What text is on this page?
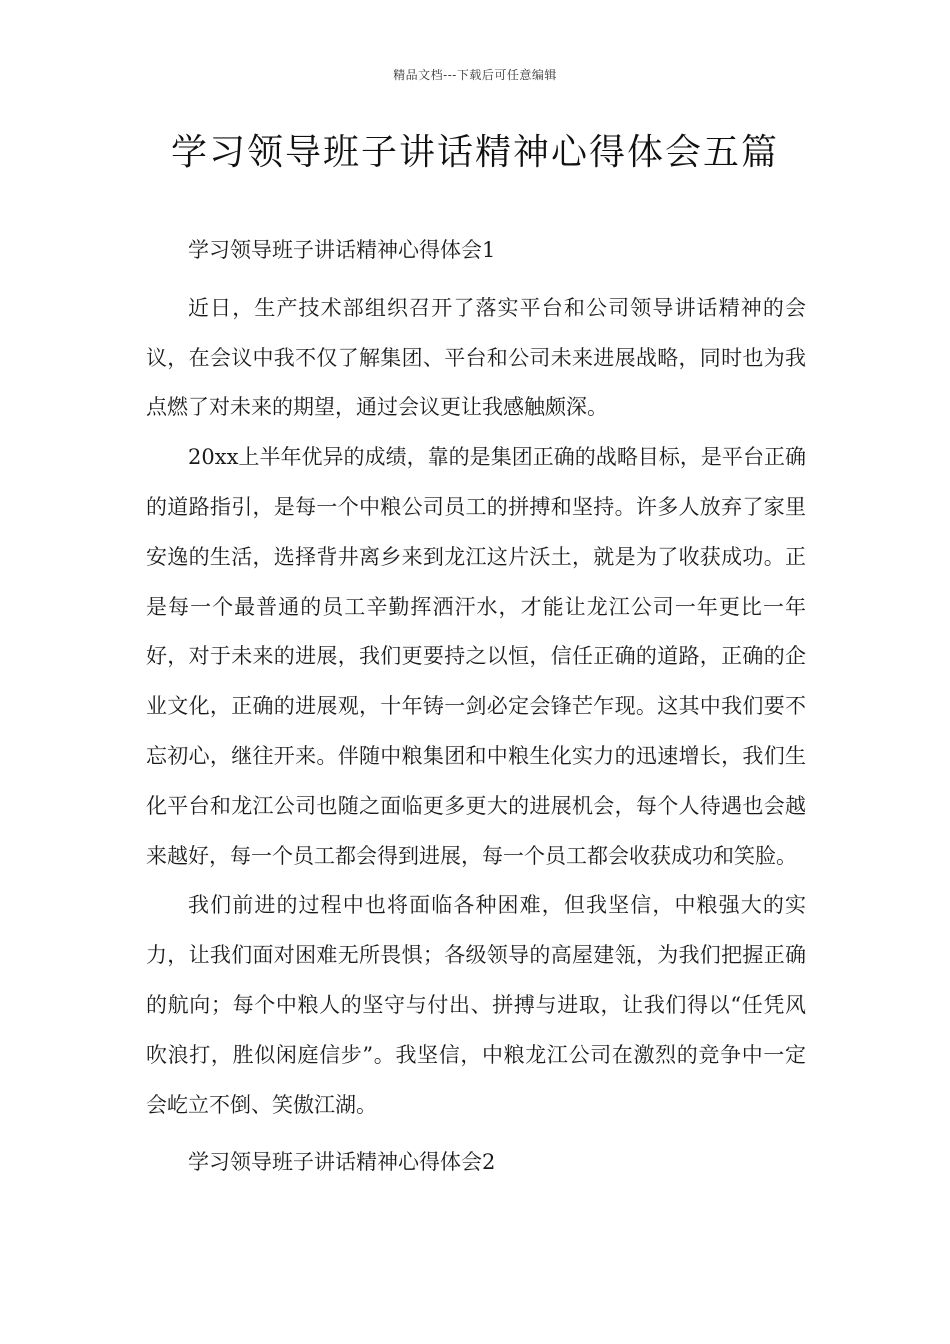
精品文档---下载后可任意编辑
学习领导班子讲话精神心得体会五篇

学习领导班子讲话精神心得体会1

近日，生产技术部组织召开了落实平台和公司领导讲话精神的会议，在会议中我不仅了解集团、平台和公司未来进展战略，同时也为我点燃了对未来的期望，通过会议更让我感触颇深。

20xx上半年优异的成绩，靠的是集团正确的战略目标，是平台正确的道路指引，是每一个中粮公司员工的拼搏和坚持。许多人放弃了家里安逸的生活，选择背井离乡来到龙江这片沃土，就是为了收获成功。正是每一个最普通的员工辛勤挥洒汗水，才能让龙江公司一年更比一年好，对于未来的进展，我们更要持之以恒，信任正确的道路，正确的企业文化，正确的进展观，十年铸一剑必定会锋芒乍现。这其中我们要不忘初心，继往开来。伴随中粮集团和中粮生化实力的迅速增长，我们生化平台和龙江公司也随之面临更多更大的进展机会，每个人待遇也会越来越好，每一个员工都会得到进展，每一个员工都会收获成功和笑脸。

我们前进的过程中也将面临各种困难，但我坚信，中粮强大的实力，让我们面对困难无所畏惧；各级领导的高屋建瓴，为我们把握正确的航向；每个中粮人的坚守与付出、拼搏与进取，让我们得以“任凭风吹浪打，胜似闲庭信步”。我坚信，中粮龙江公司在激烈的竞争中一定会屹立不倒、笑傲江湖。

学习领导班子讲话精神心得体会2
